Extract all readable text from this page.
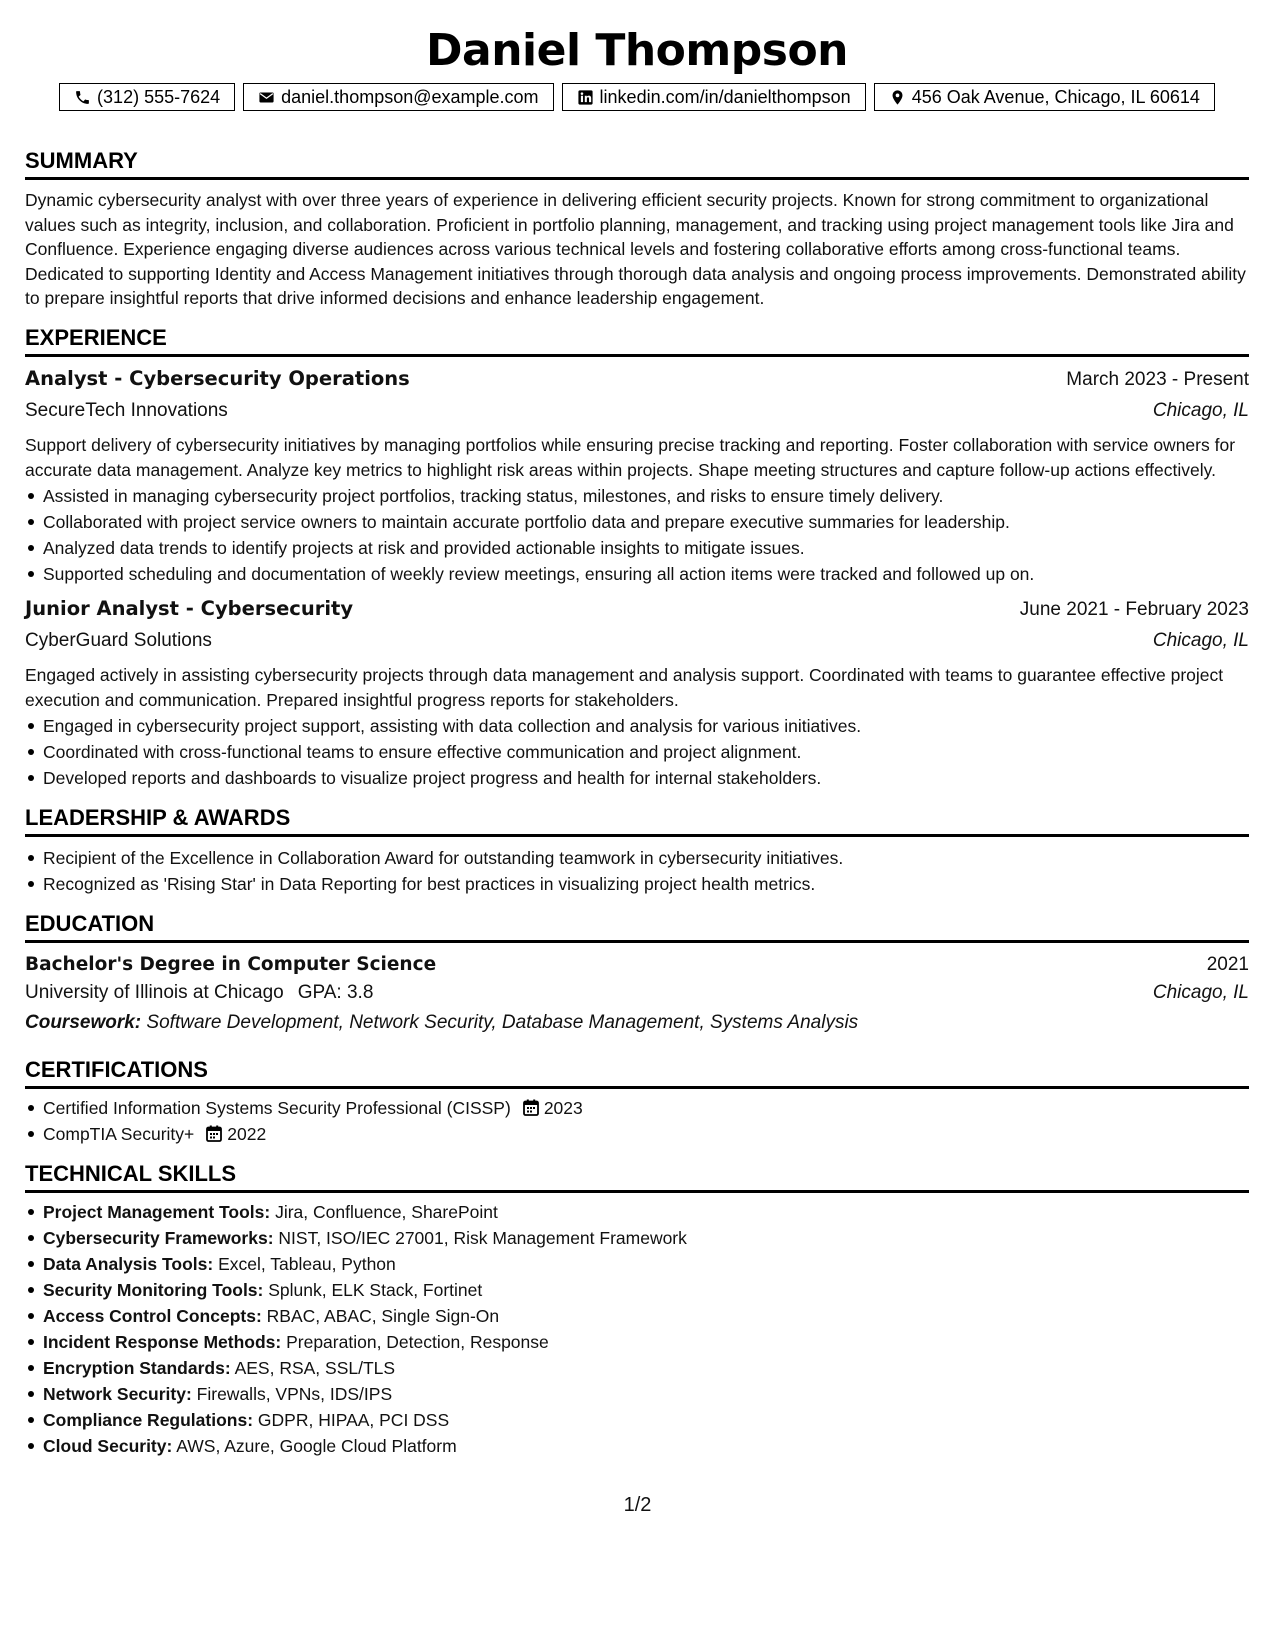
Daniel Thompson
(312) 555-7624	daniel.thompson@example.com	linkedin.com/in/danielthompson	456 Oak Avenue, Chicago, IL 60614
SUMMARY
Dynamic cybersecurity analyst with over three years of experience in delivering efficient security projects. Known for strong commitment to organizational values such as integrity, inclusion, and collaboration. Proficient in portfolio planning, management, and tracking using project management tools like Jira and Confluence. Experience engaging diverse audiences across various technical levels and fostering collaborative efforts among cross-functional teams. Dedicated to supporting Identity and Access Management initiatives through thorough data analysis and ongoing process improvements. Demonstrated ability to prepare insightful reports that drive informed decisions and enhance leadership engagement.
EXPERIENCE
Analyst - Cybersecurity Operations	March 2023 - Present
SecureTech Innovations	Chicago, IL
Support delivery of cybersecurity initiatives by managing portfolios while ensuring precise tracking and reporting. Foster collaboration with service owners for accurate data management. Analyze key metrics to highlight risk areas within projects. Shape meeting structures and capture follow-up actions effectively.
Assisted in managing cybersecurity project portfolios, tracking status, milestones, and risks to ensure timely delivery.
Collaborated with project service owners to maintain accurate portfolio data and prepare executive summaries for leadership.
Analyzed data trends to identify projects at risk and provided actionable insights to mitigate issues.
Supported scheduling and documentation of weekly review meetings, ensuring all action items were tracked and followed up on.
Junior Analyst - Cybersecurity	June 2021 - February 2023
CyberGuard Solutions	Chicago, IL
Engaged actively in assisting cybersecurity projects through data management and analysis support. Coordinated with teams to guarantee effective project execution and communication. Prepared insightful progress reports for stakeholders.
Engaged in cybersecurity project support, assisting with data collection and analysis for various initiatives.
Coordinated with cross-functional teams to ensure effective communication and project alignment.
Developed reports and dashboards to visualize project progress and health for internal stakeholders.
LEADERSHIP & AWARDS
Recipient of the Excellence in Collaboration Award for outstanding teamwork in cybersecurity initiatives.
Recognized as 'Rising Star' in Data Reporting for best practices in visualizing project health metrics.
EDUCATION
Bachelor's Degree in Computer Science	2021
University of Illinois at Chicago GPA: 3.8	Chicago, IL
Coursework: Software Development, Network Security, Database Management, Systems Analysis
CERTIFICATIONS
Certified Information Systems Security Professional (CISSP) 2023
CompTIA Security+ 2022
TECHNICAL SKILLS
Project Management Tools: Jira, Confluence, SharePoint
Cybersecurity Frameworks: NIST, ISO/IEC 27001, Risk Management Framework
Data Analysis Tools: Excel, Tableau, Python
Security Monitoring Tools: Splunk, ELK Stack, Fortinet
Access Control Concepts: RBAC, ABAC, Single Sign-On
Incident Response Methods: Preparation, Detection, Response
Encryption Standards: AES, RSA, SSL/TLS
Network Security: Firewalls, VPNs, IDS/IPS
Compliance Regulations: GDPR, HIPAA, PCI DSS
Cloud Security: AWS, Azure, Google Cloud Platform
1/2
